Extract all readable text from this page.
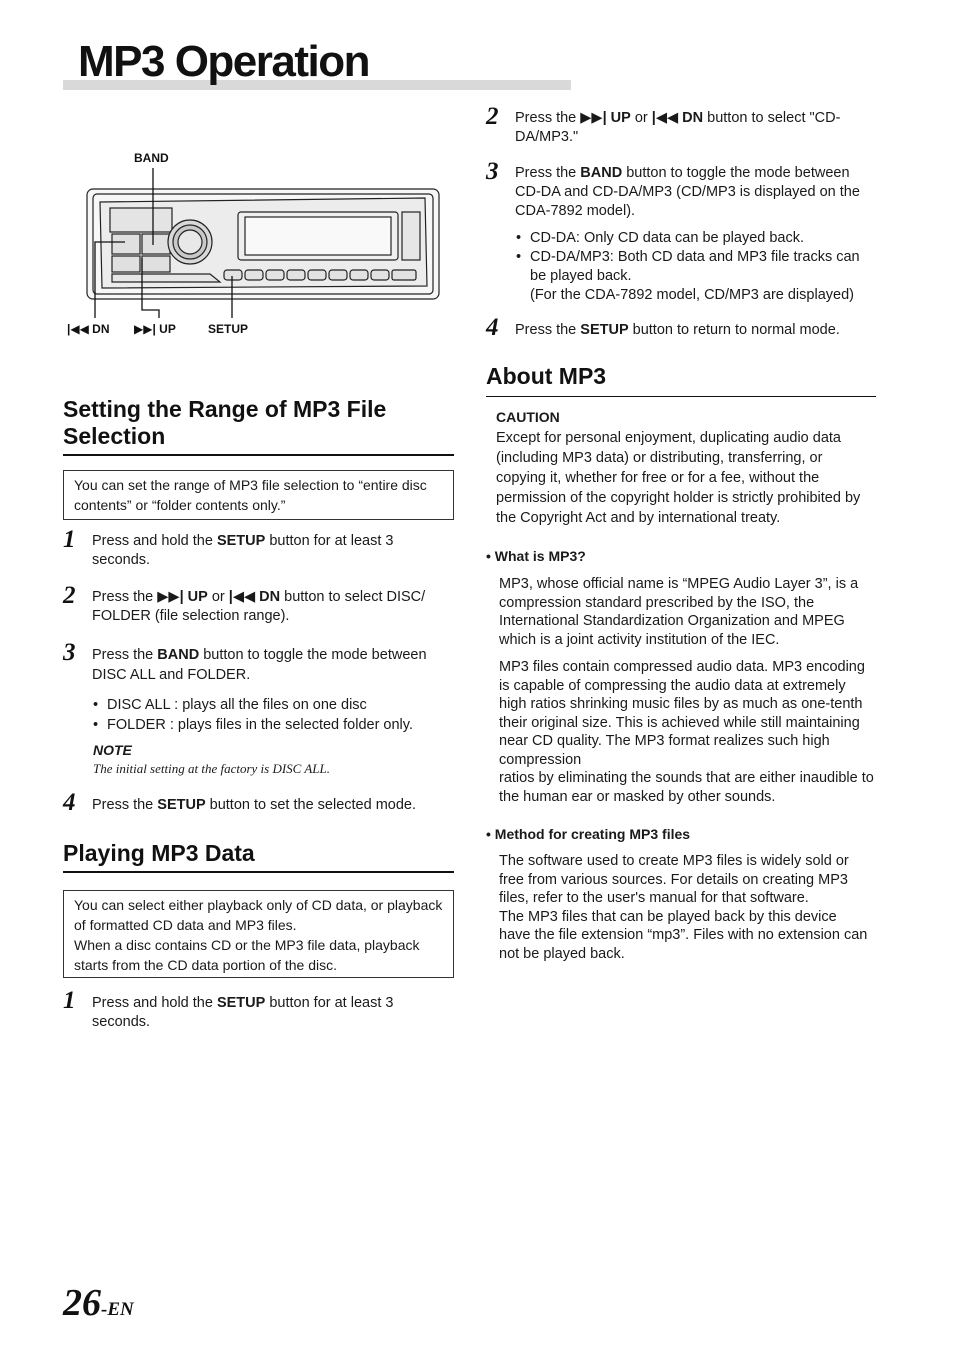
MP3 Operation
BAND
|◀◀ DN ▶▶| UP	SETUP
Setting the Range of MP3 File
Selection

You can set the range of MP3 file selection to “entire disc contents” or “folder contents only.”

1 Press and hold the SETUP button for at least 3 seconds.
2 Press the ▶▶| UP or |◀◀ DN button to select DISC/ FOLDER (file selection range).
3 Press the BAND button to toggle the mode between DISC ALL and FOLDER.
• DISC ALL : plays all the files on one disc
• FOLDER : plays files in the selected folder only.
NOTE
The initial setting at the factory is DISC ALL.
4 Press the SETUP button to set the selected mode.
Playing MP3 Data

You can select either playback only of CD data, or playback of formatted CD data and MP3 files.

When a disc contains CD or the MP3 file data, playback starts from the CD data portion of the disc.

1 Press and hold the SETUP button for at least 3 seconds.
2 Press the ▶▶| UP or |◀◀ DN button to select "CD-DA/MP3."
3 Press the BAND button to toggle the mode between CD-DA and CD-DA/MP3 (CD/MP3 is displayed on the CDA-7892 model).
• CD-DA: Only CD data can be played back.
• CD-DA/MP3: Both CD data and MP3 file tracks can be played back.
(For the CDA-7892 model, CD/MP3 are displayed)
4 Press the SETUP button to return to normal mode.
About MP3
CAUTION

Except for personal enjoyment, duplicating audio data (including MP3 data) or distributing, transferring, or copying it, whether for free or for a fee, without the permission of the copyright holder is strictly prohibited by the Copyright Act and by international treaty.

• What is MP3?

MP3, whose official name is “MPEG Audio Layer 3”, is a compression standard prescribed by the ISO, the International Standardization Organization and MPEG which is a joint activity institution of the IEC.

MP3 files contain compressed audio data. MP3 encoding is capable of compressing the audio data at extremely high ratios shrinking music files by as much as one-tenth their original size. This is achieved while still maintaining near CD quality. The MP3 format realizes such high compression
ratios by eliminating the sounds that are either inaudible to the human ear or masked by other sounds.

• Method for creating MP3 files

The software used to create MP3 files is widely sold or free from various sources. For details on creating MP3 files, refer to the user's manual for that software.
The MP3 files that can be played back by this device have the file extension “mp3”. Files with no extension can not be played back.

26-EN
